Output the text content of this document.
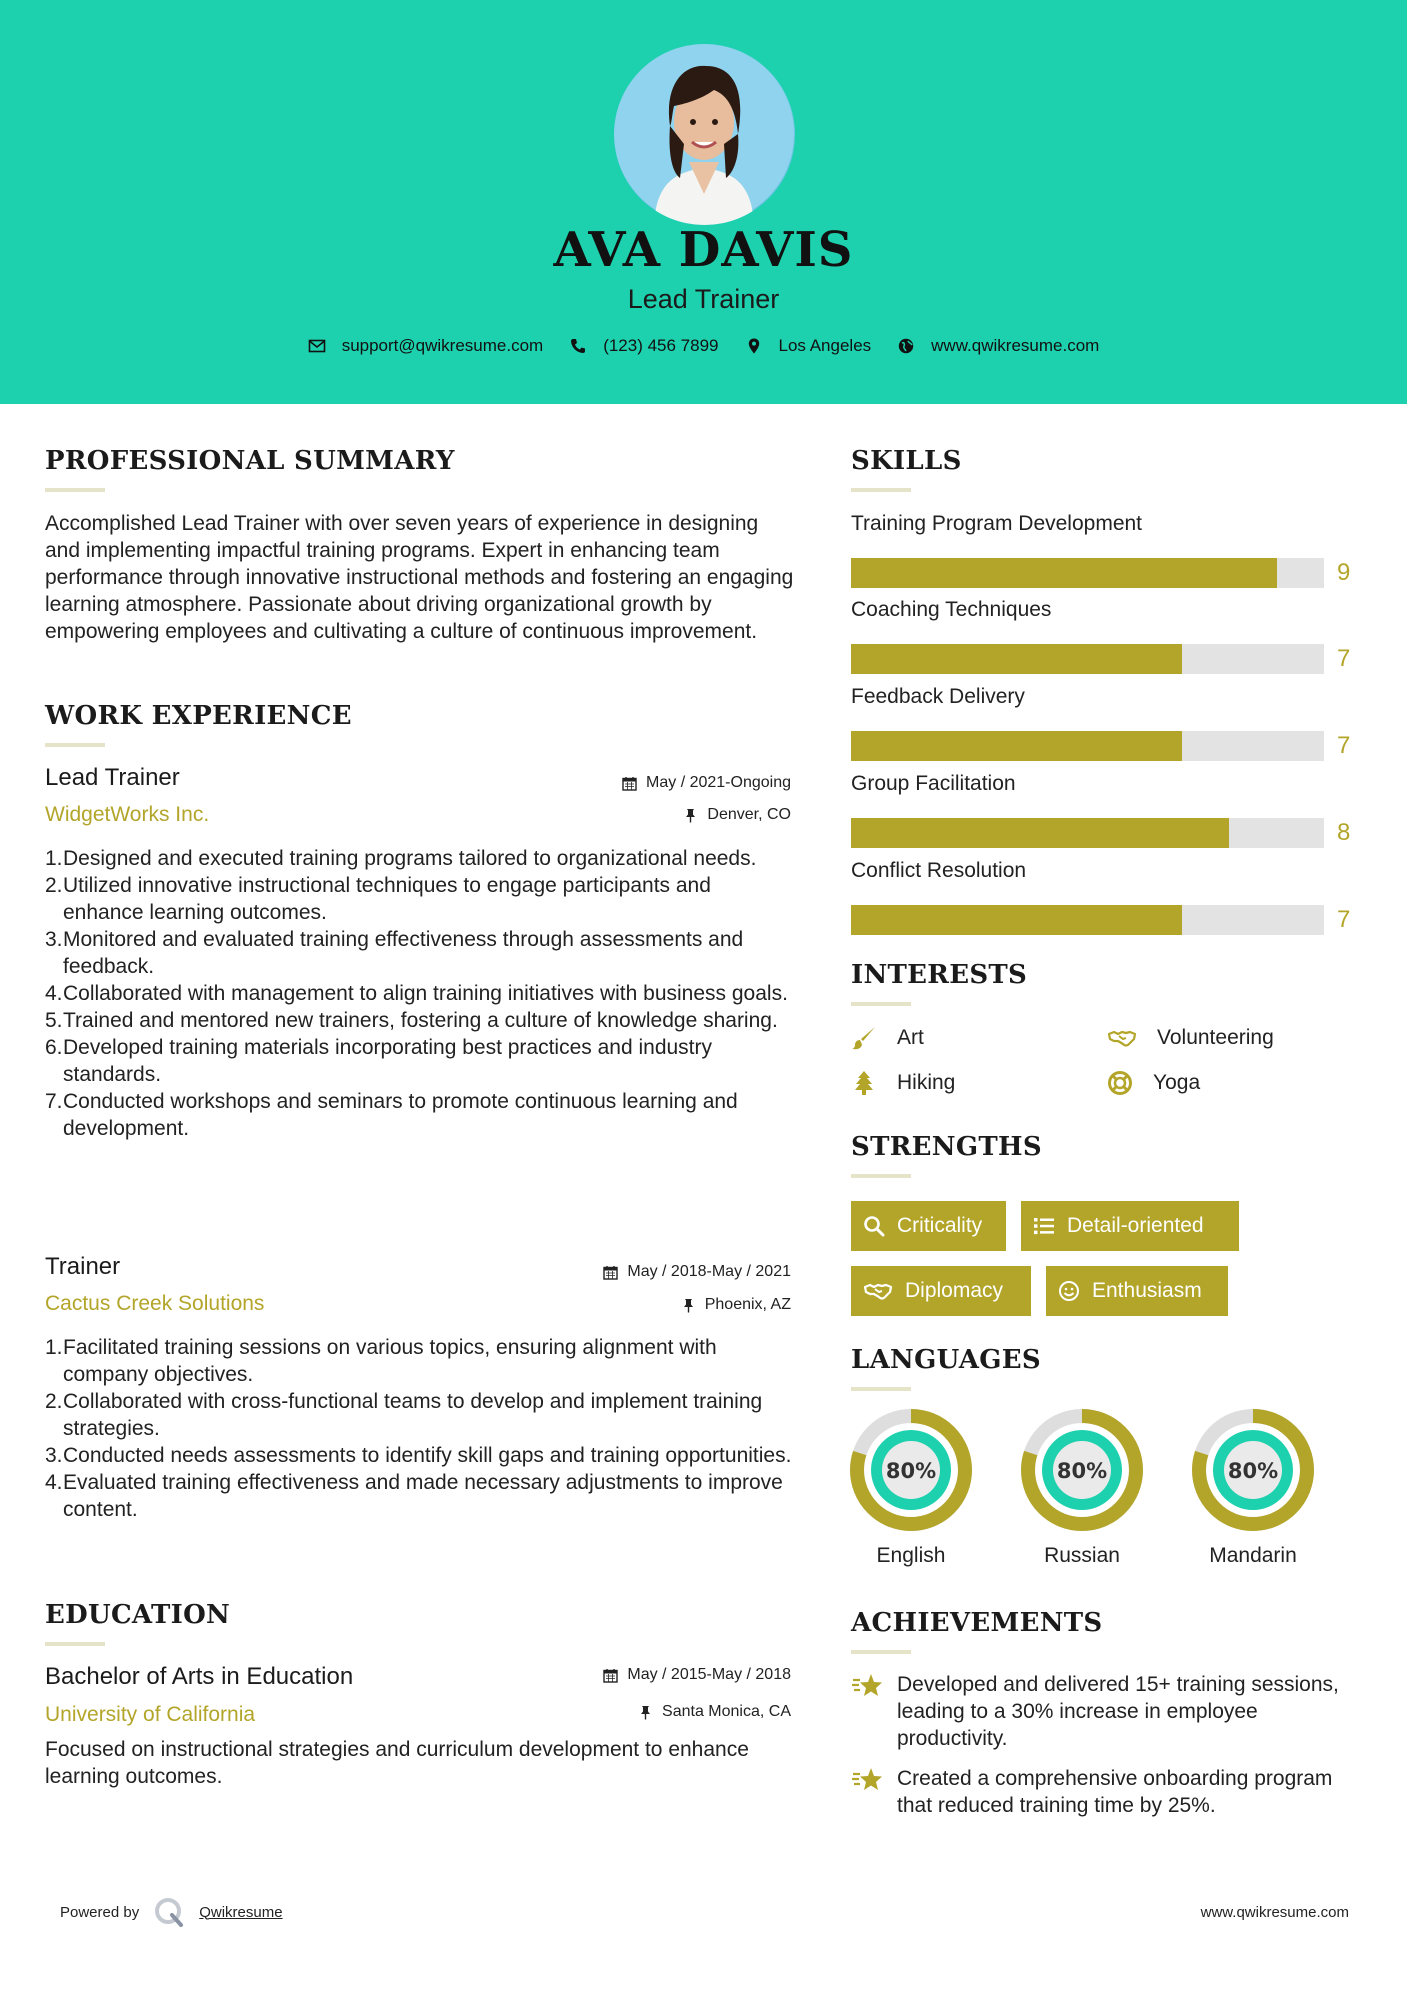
AVA DAVIS
Lead Trainer
support@qwikresume.com	(123) 456 7899	Los Angeles	www.qwikresume.com
PROFESSIONAL SUMMARY
Accomplished Lead Trainer with over seven years of experience in designing and implementing impactful training programs. Expert in enhancing team performance through innovative instructional methods and fostering an engaging learning atmosphere. Passionate about driving organizational growth by empowering employees and cultivating a culture of continuous improvement.
WORK EXPERIENCE
Lead Trainer	May / 2021-Ongoing
WidgetWorks Inc.	Denver, CO
1. Designed and executed training programs tailored to organizational needs.
2. Utilized innovative instructional techniques to engage participants and enhance learning outcomes.
3. Monitored and evaluated training effectiveness through assessments and feedback.
4. Collaborated with management to align training initiatives with business goals.
5. Trained and mentored new trainers, fostering a culture of knowledge sharing.
6. Developed training materials incorporating best practices and industry standards.
7. Conducted workshops and seminars to promote continuous learning and development.
Trainer	May / 2018-May / 2021
Cactus Creek Solutions	Phoenix, AZ
1. Facilitated training sessions on various topics, ensuring alignment with company objectives.
2. Collaborated with cross-functional teams to develop and implement training strategies.
3. Conducted needs assessments to identify skill gaps and training opportunities.
4. Evaluated training effectiveness and made necessary adjustments to improve content.
EDUCATION
Bachelor of Arts in Education	May / 2015-May / 2018
University of California	Santa Monica, CA
Focused on instructional strategies and curriculum development to enhance learning outcomes.
SKILLS
Training Program Development
9
Coaching Techniques
7
Feedback Delivery
7
Group Facilitation
8
Conflict Resolution
7
INTERESTS
Art	Volunteering
Hiking	Yoga
STRENGTHS
Criticality	Detail-oriented
Diplomacy	Enthusiasm
LANGUAGES
80%
English
80%
Russian
80%
Mandarin
ACHIEVEMENTS
Developed and delivered 15+ training sessions, leading to a 30% increase in employee productivity.
Created a comprehensive onboarding program that reduced training time by 25%.
Powered by	Qwikresume	www.qwikresume.com
